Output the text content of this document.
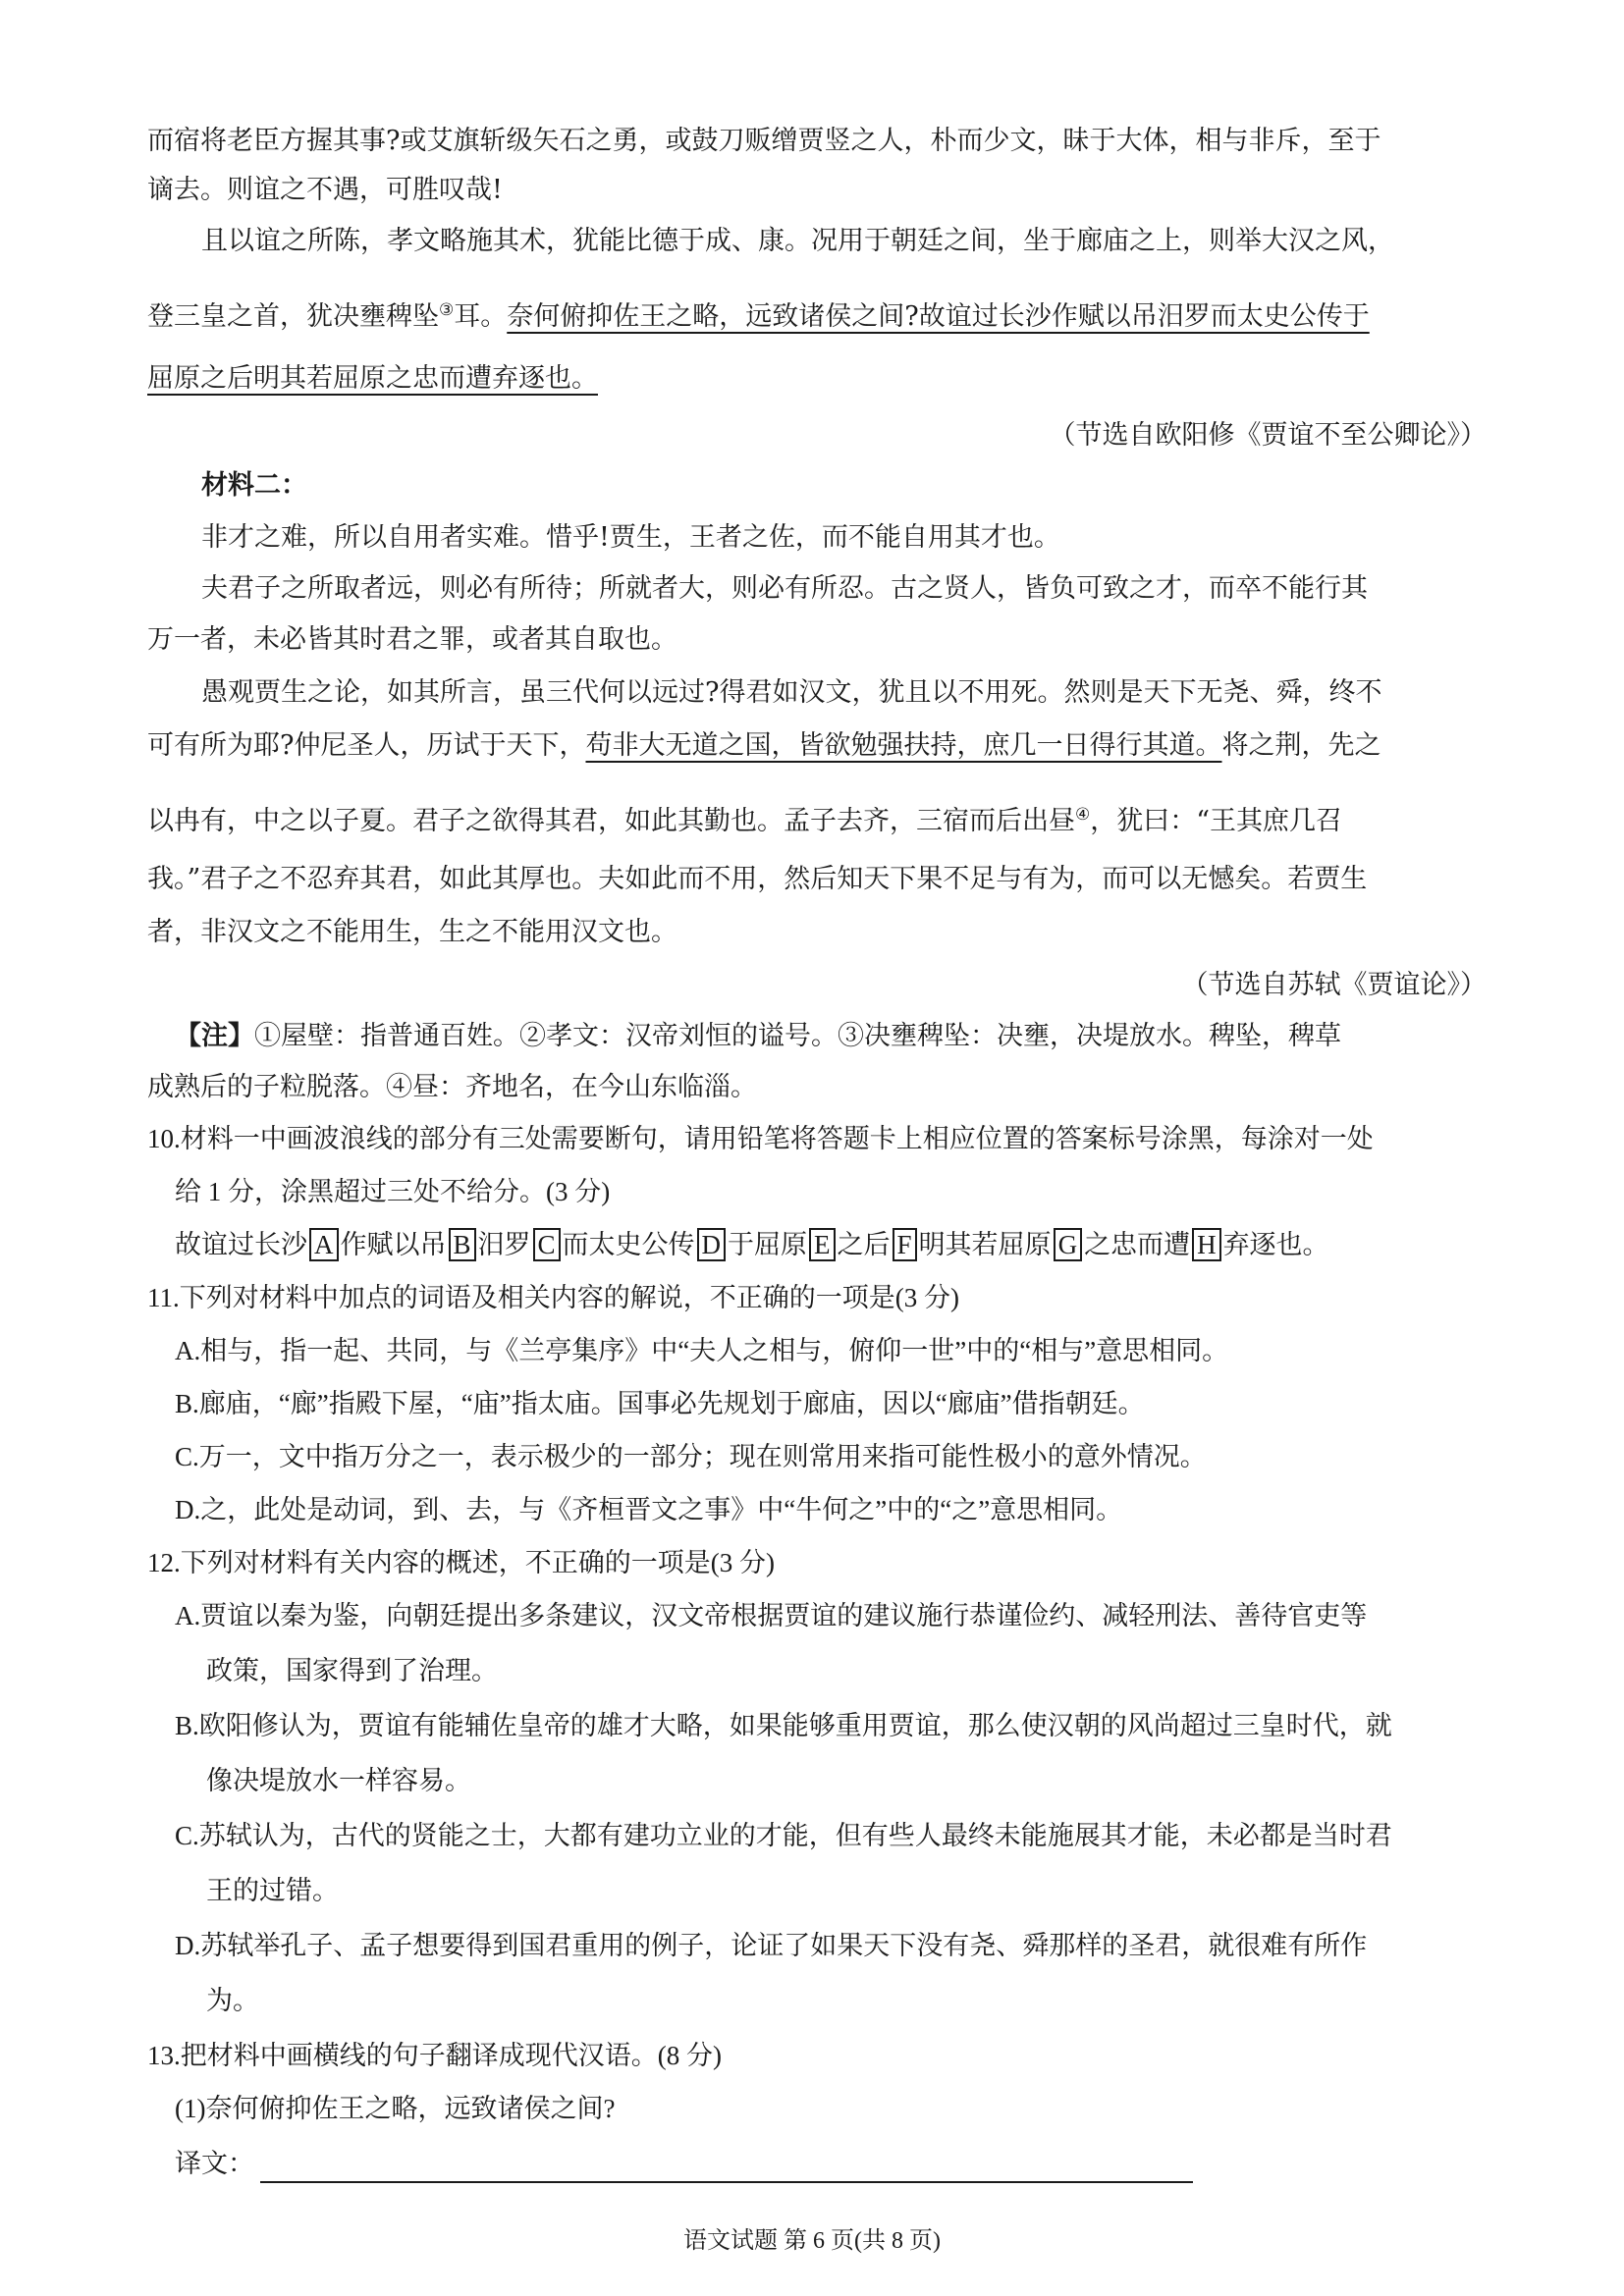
而宿将老臣方握其事?或艾旗斩级矢石之勇，或鼓刀贩缯贾竖之人，朴而少文，昧于大体，相与非斥，至于
谪去。则谊之不遇，可胜叹哉!
且以谊之所陈，孝文略施其术，犹能比德于成、康。况用于朝廷之间，坐于廊庙之上，则举大汉之风，
登三皇之首，犹决壅稗坠③耳。奈何俯抑佐王之略，远致诸侯之间?故谊过长沙作赋以吊汨罗而太史公传于
屈原之后明其若屈原之忠而遭弃逐也。
（节选自欧阳修《贾谊不至公卿论》）
材料二：
非才之难，所以自用者实难。惜乎!贾生，王者之佐，而不能自用其才也。
夫君子之所取者远，则必有所待；所就者大，则必有所忍。古之贤人，皆负可致之才，而卒不能行其
万一者，未必皆其时君之罪，或者其自取也。
愚观贾生之论，如其所言，虽三代何以远过?得君如汉文，犹且以不用死。然则是天下无尧、舜，终不
可有所为耶?仲尼圣人，历试于天下，苟非大无道之国，皆欲勉强扶持，庶几一日得行其道。将之荆，先之
以冉有，中之以子夏。君子之欲得其君，如此其勤也。孟子去齐，三宿而后出昼④，犹曰：“王其庶几召
我。”君子之不忍弃其君，如此其厚也。夫如此而不用，然后知天下果不足与有为，而可以无憾矣。若贾生
者，非汉文之不能用生，生之不能用汉文也。
（节选自苏轼《贾谊论》）
【注】①屋壁：指普通百姓。②孝文：汉帝刘恒的谥号。③决壅稗坠：决壅，决堤放水。稗坠，稗草
成熟后的子粒脱落。④昼：齐地名，在今山东临淄。
10.材料一中画波浪线的部分有三处需要断句，请用铅笔将答题卡上相应位置的答案标号涂黑，每涂对一处
给 1 分，涂黑超过三处不给分。(3 分)
故谊过长沙 A 作赋以吊 B 汨罗 C 而太史公传 D 于屈原 E 之后 F 明其若屈原 G 之忠而遭 H 弃逐也。
11.下列对材料中加点的词语及相关内容的解说，不正确的一项是(3 分)
A.相与，指一起、共同，与《兰亭集序》中“夫人之相与，俯仰一世”中的“相与”意思相同。
B.廊庙，“廊”指殿下屋，“庙”指太庙。国事必先规划于廊庙，因以“廊庙”借指朝廷。
C.万一，文中指万分之一，表示极少的一部分；现在则常用来指可能性极小的意外情况。
D.之，此处是动词，到、去，与《齐桓晋文之事》中“牛何之”中的“之”意思相同。
12.下列对材料有关内容的概述，不正确的一项是(3 分)
A.贾谊以秦为鉴，向朝廷提出多条建议，汉文帝根据贾谊的建议施行恭谨俭约、减轻刑法、善待官吏等
政策，国家得到了治理。
B.欧阳修认为，贾谊有能辅佐皇帝的雄才大略，如果能够重用贾谊，那么使汉朝的风尚超过三皇时代，就
像决堤放水一样容易。
C.苏轼认为，古代的贤能之士，大都有建功立业的才能，但有些人最终未能施展其才能，未必都是当时君
王的过错。
D.苏轼举孔子、孟子想要得到国君重用的例子，论证了如果天下没有尧、舜那样的圣君，就很难有所作
为。
13.把材料中画横线的句子翻译成现代汉语。(8 分)
(1)奈何俯抑佐王之略，远致诸侯之间?
译文：
语文试题 第 6 页(共 8 页)
